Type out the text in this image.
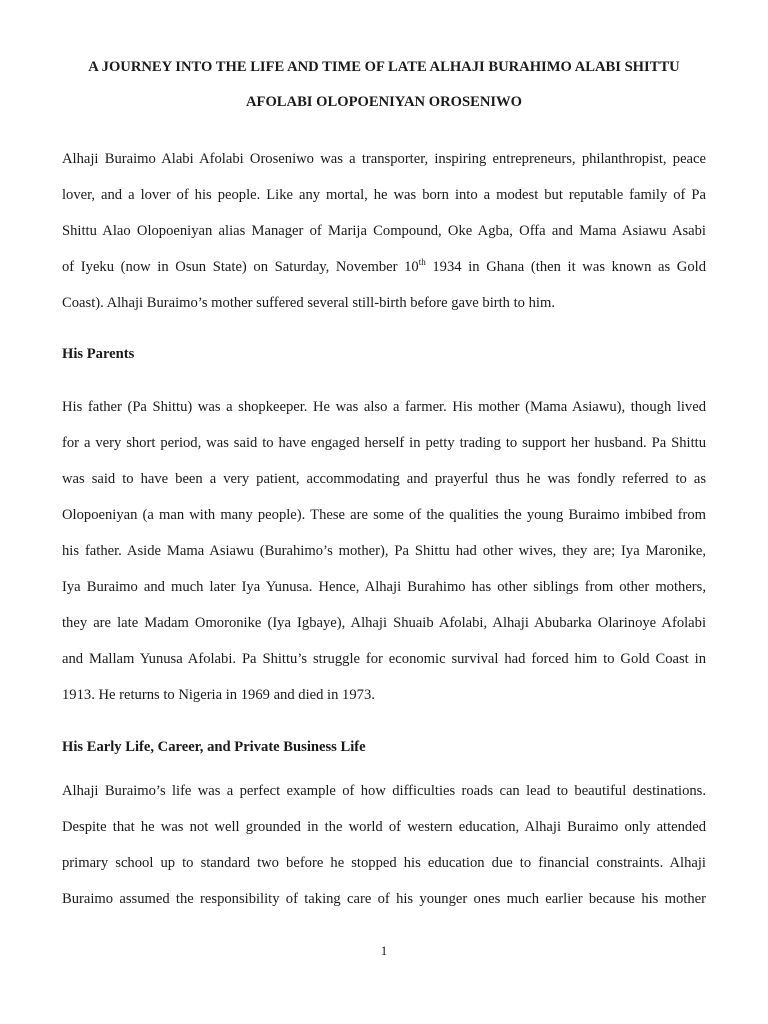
A JOURNEY INTO THE LIFE AND TIME OF LATE ALHAJI BURAHIMO ALABI SHITTU
AFOLABI OLOPOENIYAN OROSENIWO
Alhaji Buraimo Alabi Afolabi Oroseniwo was a transporter, inspiring entrepreneurs, philanthropist, peace
lover, and a lover of his people. Like any mortal, he was born into a modest but reputable family of Pa
Shittu Alao Olopoeniyan alias Manager of Marija Compound, Oke Agba, Offa and Mama Asiawu Asabi
of Iyeku (now in Osun State) on Saturday, November 10th 1934 in Ghana (then it was known as Gold
Coast). Alhaji Buraimo’s mother suffered several still-birth before gave birth to him.
His Parents
His father (Pa Shittu) was a shopkeeper. He was also a farmer. His mother (Mama Asiawu), though lived
for a very short period, was said to have engaged herself in petty trading to support her husband. Pa Shittu
was said to have been a very patient, accommodating and prayerful thus he was fondly referred to as
Olopoeniyan (a man with many people). These are some of the qualities the young Buraimo imbibed from
his father. Aside Mama Asiawu (Burahimo’s mother), Pa Shittu had other wives, they are; Iya Maronike,
Iya Buraimo and much later Iya Yunusa. Hence, Alhaji Burahimo has other siblings from other mothers,
they are late Madam Omoronike (Iya Igbaye), Alhaji Shuaib Afolabi, Alhaji Abubarka Olarinoye Afolabi
and Mallam Yunusa Afolabi. Pa Shittu’s struggle for economic survival had forced him to Gold Coast in
1913. He returns to Nigeria in 1969 and died in 1973.
His Early Life, Career, and Private Business Life
Alhaji Buraimo’s life was a perfect example of how difficulties roads can lead to beautiful destinations.
Despite that he was not well grounded in the world of western education, Alhaji Buraimo only attended
primary school up to standard two before he stopped his education due to financial constraints. Alhaji
Buraimo assumed the responsibility of taking care of his younger ones much earlier because his mother
1
